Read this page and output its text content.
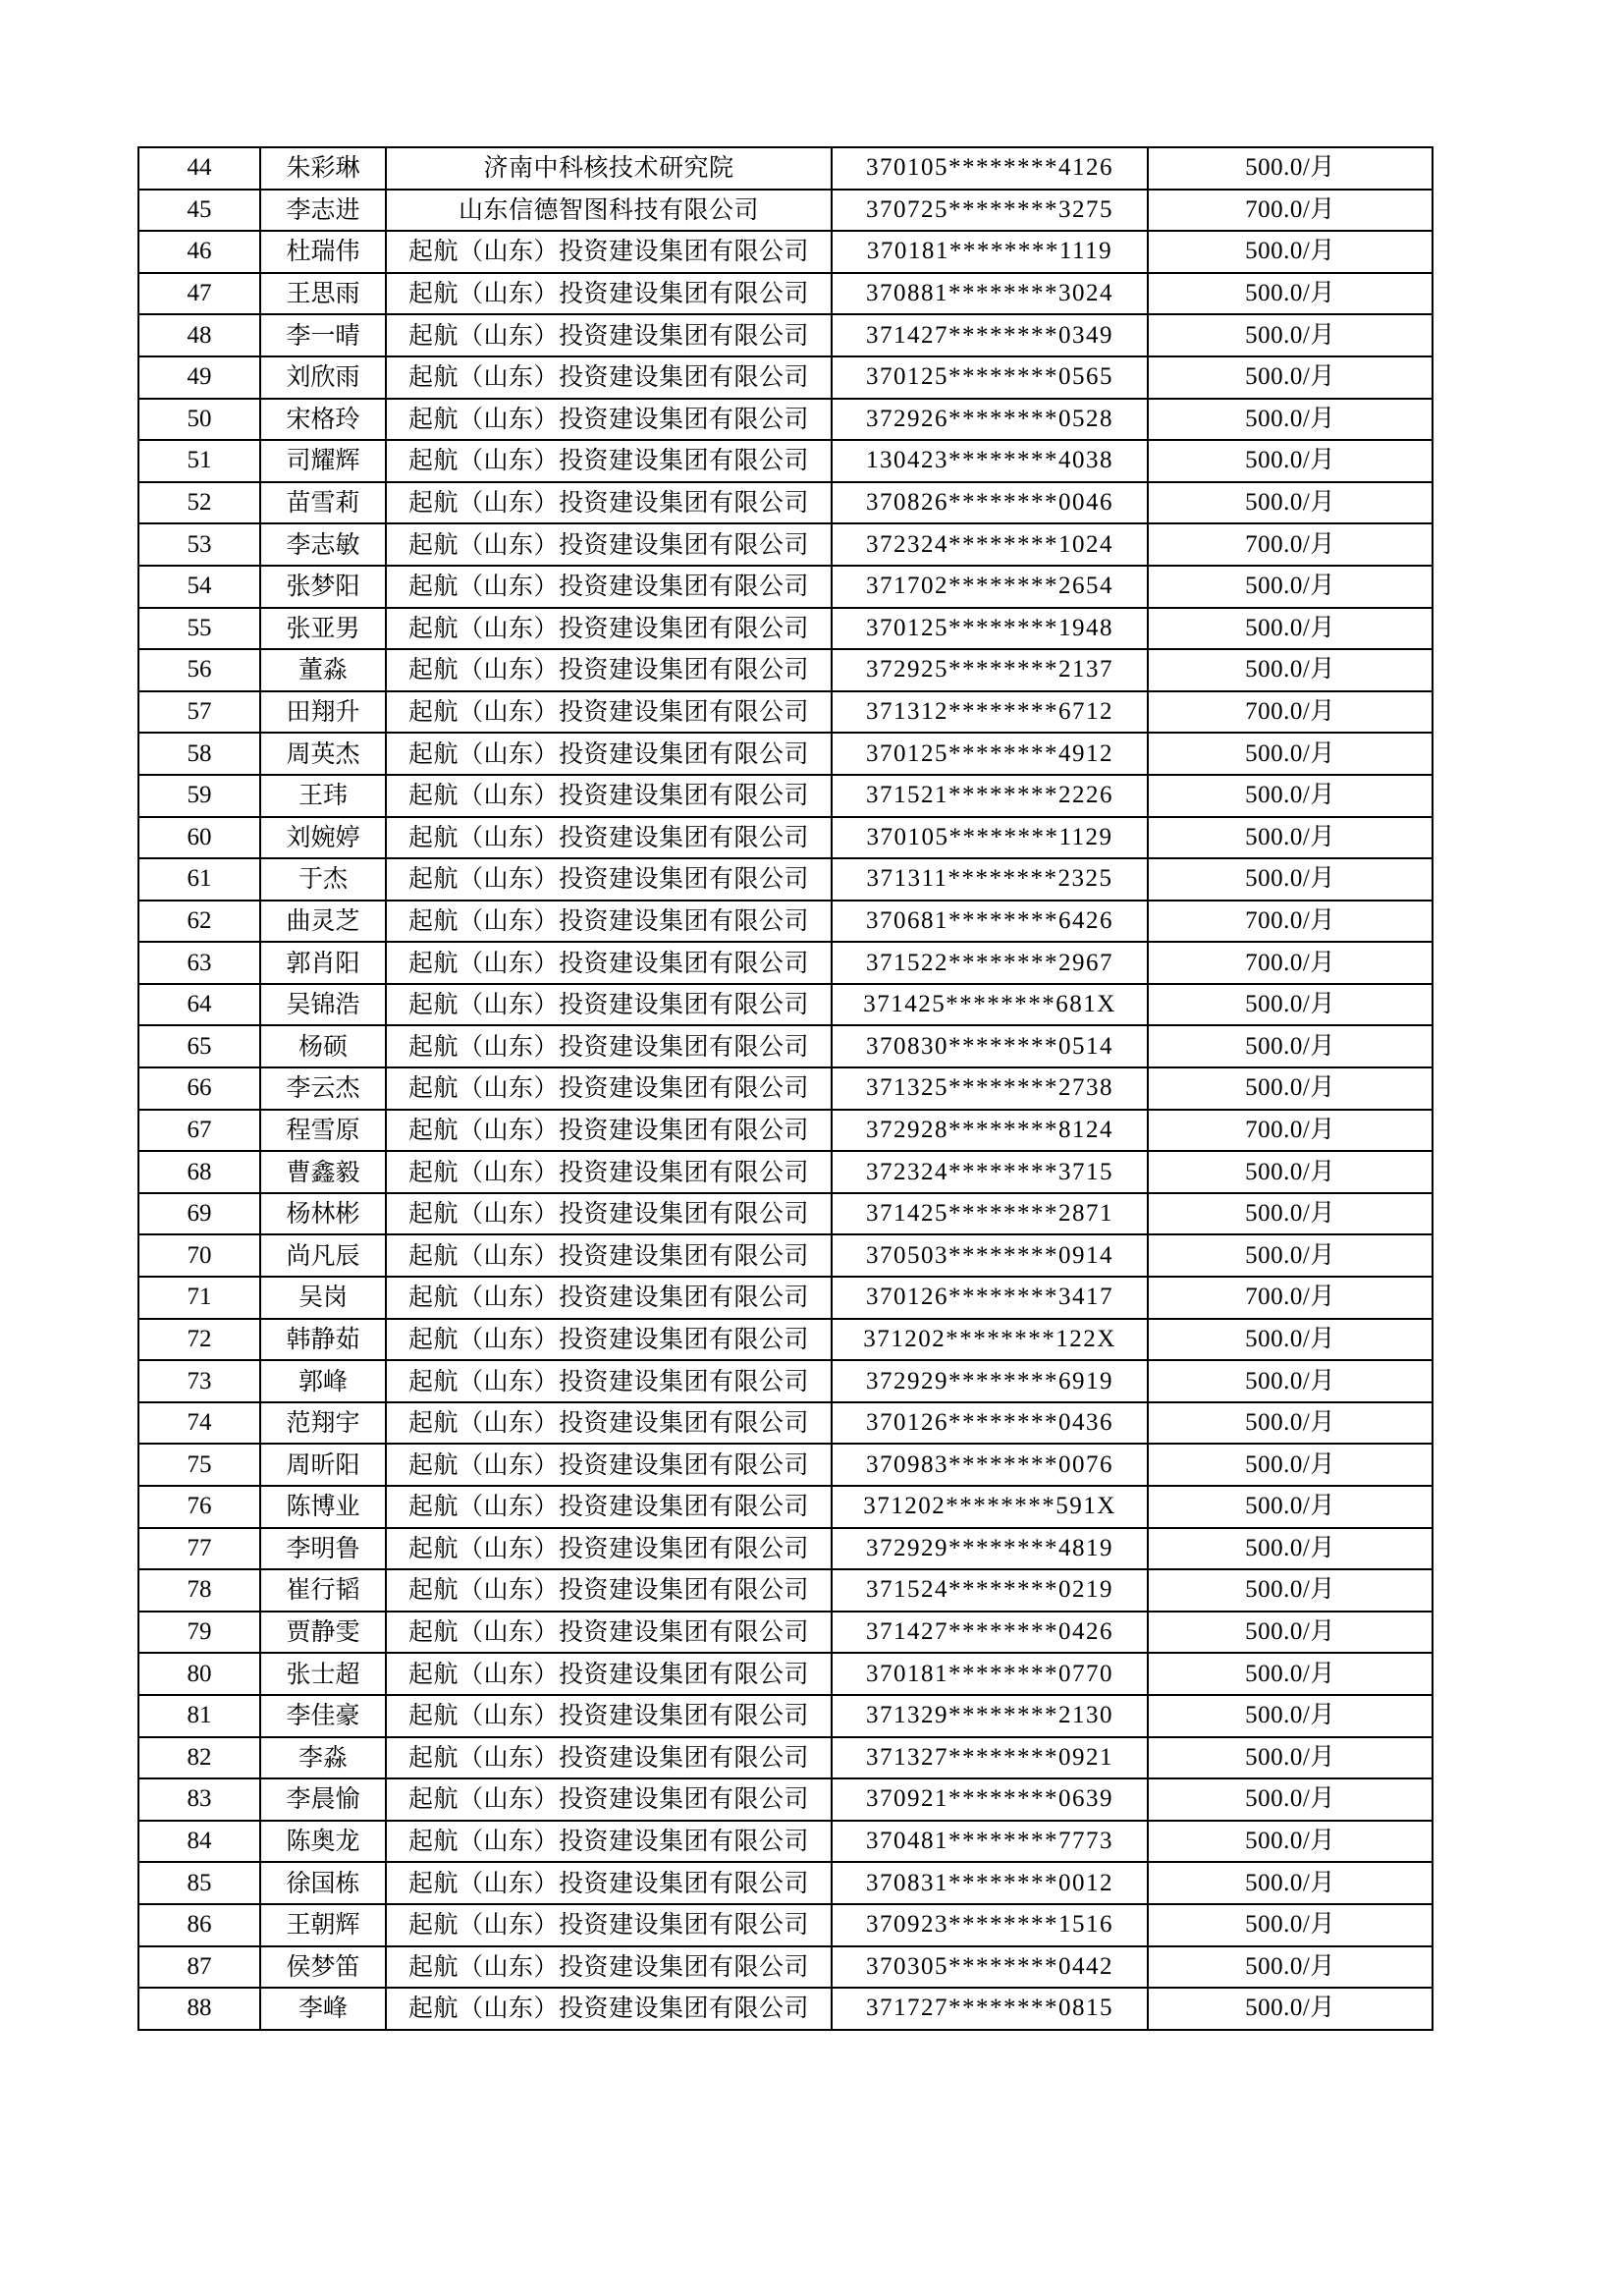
44	朱彩琳	济南中科核技术研究院	370105********4126	500.0/月
45	李志进	山东信德智图科技有限公司	370725********3275	700.0/月
46	杜瑞伟	起航（山东）投资建设集团有限公司	370181********1119	500.0/月
47	王思雨	起航（山东）投资建设集团有限公司	370881********3024	500.0/月
48	李一晴	起航（山东）投资建设集团有限公司	371427********0349	500.0/月
49	刘欣雨	起航（山东）投资建设集团有限公司	370125********0565	500.0/月
50	宋格玲	起航（山东）投资建设集团有限公司	372926********0528	500.0/月
51	司耀辉	起航（山东）投资建设集团有限公司	130423********4038	500.0/月
52	苗雪莉	起航（山东）投资建设集团有限公司	370826********0046	500.0/月
53	李志敏	起航（山东）投资建设集团有限公司	372324********1024	700.0/月
54	张梦阳	起航（山东）投资建设集团有限公司	371702********2654	500.0/月
55	张亚男	起航（山东）投资建设集团有限公司	370125********1948	500.0/月
56	董淼	起航（山东）投资建设集团有限公司	372925********2137	500.0/月
57	田翔升	起航（山东）投资建设集团有限公司	371312********6712	700.0/月
58	周英杰	起航（山东）投资建设集团有限公司	370125********4912	500.0/月
59	王玮	起航（山东）投资建设集团有限公司	371521********2226	500.0/月
60	刘婉婷	起航（山东）投资建设集团有限公司	370105********1129	500.0/月
61	于杰	起航（山东）投资建设集团有限公司	371311********2325	500.0/月
62	曲灵芝	起航（山东）投资建设集团有限公司	370681********6426	700.0/月
63	郭肖阳	起航（山东）投资建设集团有限公司	371522********2967	700.0/月
64	吴锦浩	起航（山东）投资建设集团有限公司	371425********681X	500.0/月
65	杨硕	起航（山东）投资建设集团有限公司	370830********0514	500.0/月
66	李云杰	起航（山东）投资建设集团有限公司	371325********2738	500.0/月
67	程雪原	起航（山东）投资建设集团有限公司	372928********8124	700.0/月
68	曹鑫毅	起航（山东）投资建设集团有限公司	372324********3715	500.0/月
69	杨林彬	起航（山东）投资建设集团有限公司	371425********2871	500.0/月
70	尚凡辰	起航（山东）投资建设集团有限公司	370503********0914	500.0/月
71	吴岗	起航（山东）投资建设集团有限公司	370126********3417	700.0/月
72	韩静茹	起航（山东）投资建设集团有限公司	371202********122X	500.0/月
73	郭峰	起航（山东）投资建设集团有限公司	372929********6919	500.0/月
74	范翔宇	起航（山东）投资建设集团有限公司	370126********0436	500.0/月
75	周昕阳	起航（山东）投资建设集团有限公司	370983********0076	500.0/月
76	陈博业	起航（山东）投资建设集团有限公司	371202********591X	500.0/月
77	李明鲁	起航（山东）投资建设集团有限公司	372929********4819	500.0/月
78	崔行韬	起航（山东）投资建设集团有限公司	371524********0219	500.0/月
79	贾静雯	起航（山东）投资建设集团有限公司	371427********0426	500.0/月
80	张士超	起航（山东）投资建设集团有限公司	370181********0770	500.0/月
81	李佳豪	起航（山东）投资建设集团有限公司	371329********2130	500.0/月
82	李淼	起航（山东）投资建设集团有限公司	371327********0921	500.0/月
83	李晨愉	起航（山东）投资建设集团有限公司	370921********0639	500.0/月
84	陈奥龙	起航（山东）投资建设集团有限公司	370481********7773	500.0/月
85	徐国栋	起航（山东）投资建设集团有限公司	370831********0012	500.0/月
86	王朝辉	起航（山东）投资建设集团有限公司	370923********1516	500.0/月
87	侯梦笛	起航（山东）投资建设集团有限公司	370305********0442	500.0/月
88	李峰	起航（山东）投资建设集团有限公司	371727********0815	500.0/月
